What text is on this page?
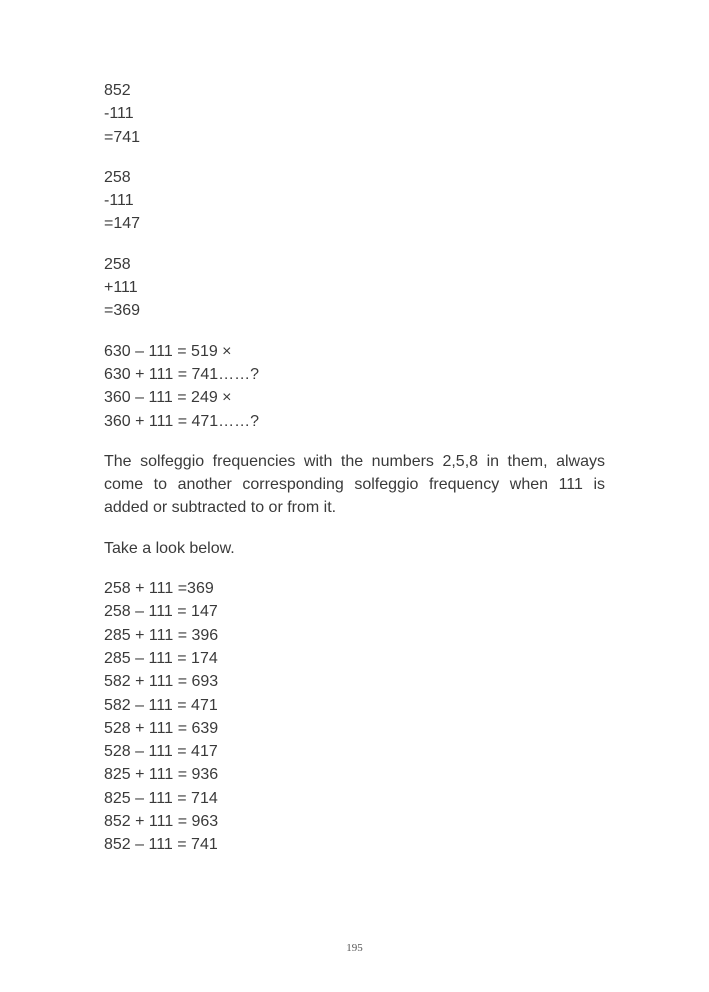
852
-111
=741
258
-111
=147
258
+111
=369
630 – 111 = 519 ×
630 + 111 = 741……?
360 – 111 = 249 ×
360 + 111 = 471……?

The solfeggio frequencies with the numbers 2,5,8 in them, always come to another corresponding solfeggio frequency when 111 is added or subtracted to or from it.

Take a look below.

258 + 111 =369
258 – 111 = 147
285 + 111 = 396
285 – 111 = 174
582 + 111 = 693
582 – 111 = 471
528 + 111 = 639
528 – 111 = 417
825 + 111 = 936
825 – 111 = 714
852 + 111 = 963
852 – 111 = 741
195
